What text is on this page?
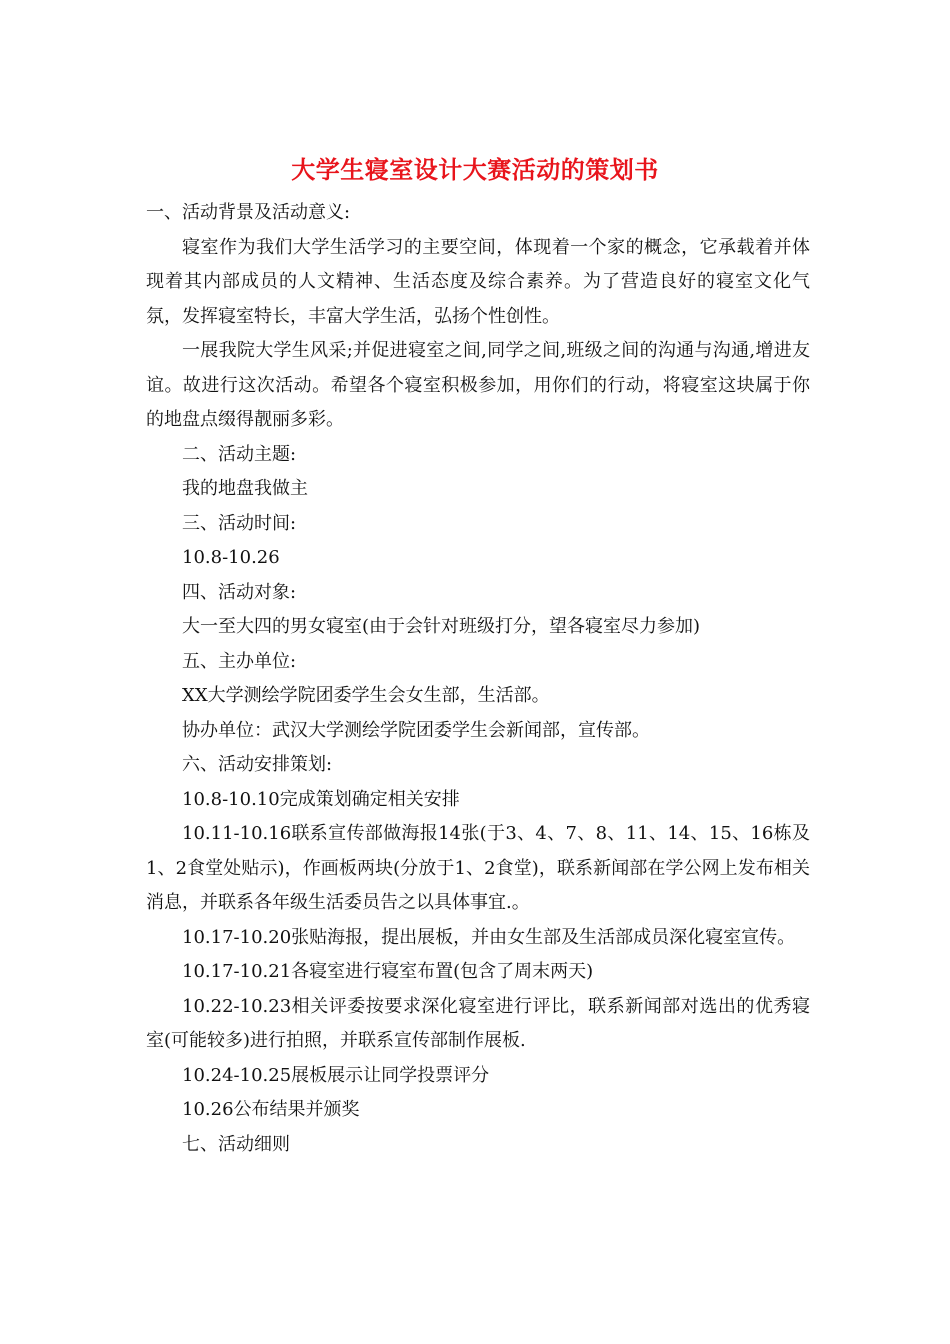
大学生寝室设计大赛活动的策划书

一、活动背景及活动意义:

寝室作为我们大学生活学习的主要空间，体现着一个家的概念，它承载着并体现着其内部成员的人文精神、生活态度及综合素养。为了营造良好的寝室文化气氛，发挥寝室特长，丰富大学生活，弘扬个性创性。

一展我院大学生风采;并促进寝室之间,同学之间,班级之间的沟通与沟通,增进友谊。故进行这次活动。希望各个寝室积极参加，用你们的行动，将寝室这块属于你的地盘点缀得靓丽多彩。

二、活动主题:

我的地盘我做主

三、活动时间:

10.8-10.26

四、活动对象:

大一至大四的男女寝室(由于会针对班级打分，望各寝室尽力参加)

五、主办单位:

XX大学测绘学院团委学生会女生部，生活部。

协办单位：武汉大学测绘学院团委学生会新闻部，宣传部。

六、活动安排策划:

10.8-10.10完成策划确定相关安排

10.11-10.16联系宣传部做海报14张(于3、4、7、8、11、14、15、16栋及1、2食堂处贴示)，作画板两块(分放于1、2食堂)，联系新闻部在学公网上发布相关消息，并联系各年级生活委员告之以具体事宜.。

10.17-10.20张贴海报，提出展板，并由女生部及生活部成员深化寝室宣传。

10.17-10.21各寝室进行寝室布置(包含了周末两天)

10.22-10.23相关评委按要求深化寝室进行评比，联系新闻部对选出的优秀寝室(可能较多)进行拍照，并联系宣传部制作展板.

10.24-10.25展板展示让同学投票评分

10.26公布结果并颁奖

七、活动细则
